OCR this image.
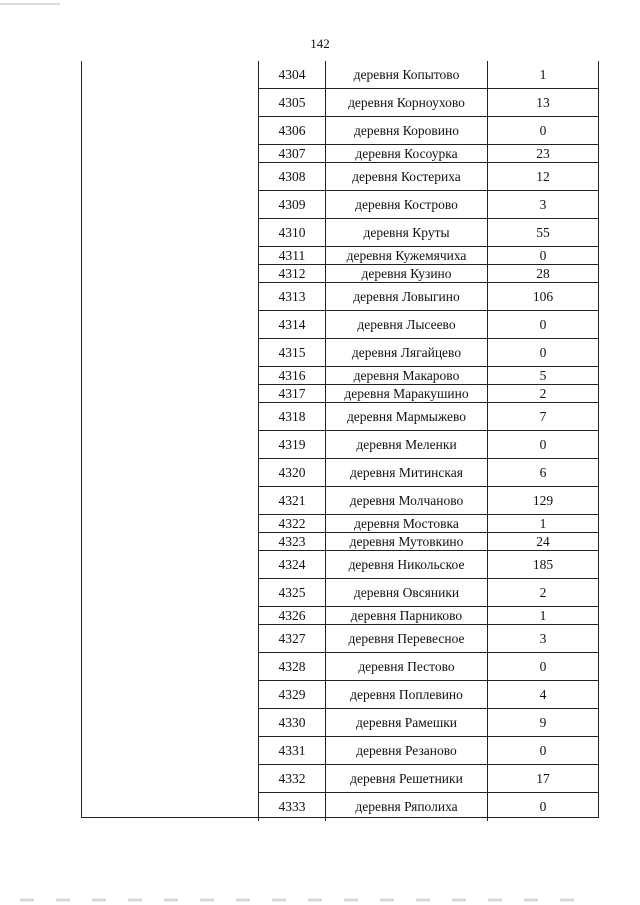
142
4304	деревня Копытово	1
4305	деревня Корноухово	13
4306	деревня Коровино	0
4307	деревня Косоурка	23
4308	деревня Костериха	12
4309	деревня Кострово	3
4310	деревня Круты	55
4311	деревня Кужемячиха	0
4312	деревня Кузино	28
4313	деревня Ловыгино	106
4314	деревня Лысеево	0
4315	деревня Лягайцево	0
4316	деревня Макарово	5
4317	деревня Маракушино	2
4318	деревня Мармыжево	7
4319	деревня Меленки	0
4320	деревня Митинская	6
4321	деревня Молчаново	129
4322	деревня Мостовка	1
4323	деревня Мутовкино	24
4324	деревня Никольское	185
4325	деревня Овсяники	2
4326	деревня Парниково	1
4327	деревня Перевесное	3
4328	деревня Пестово	0
4329	деревня Поплевино	4
4330	деревня Рамешки	9
4331	деревня Резаново	0
4332	деревня Решетники	17
4333	деревня Ряполиха	0
